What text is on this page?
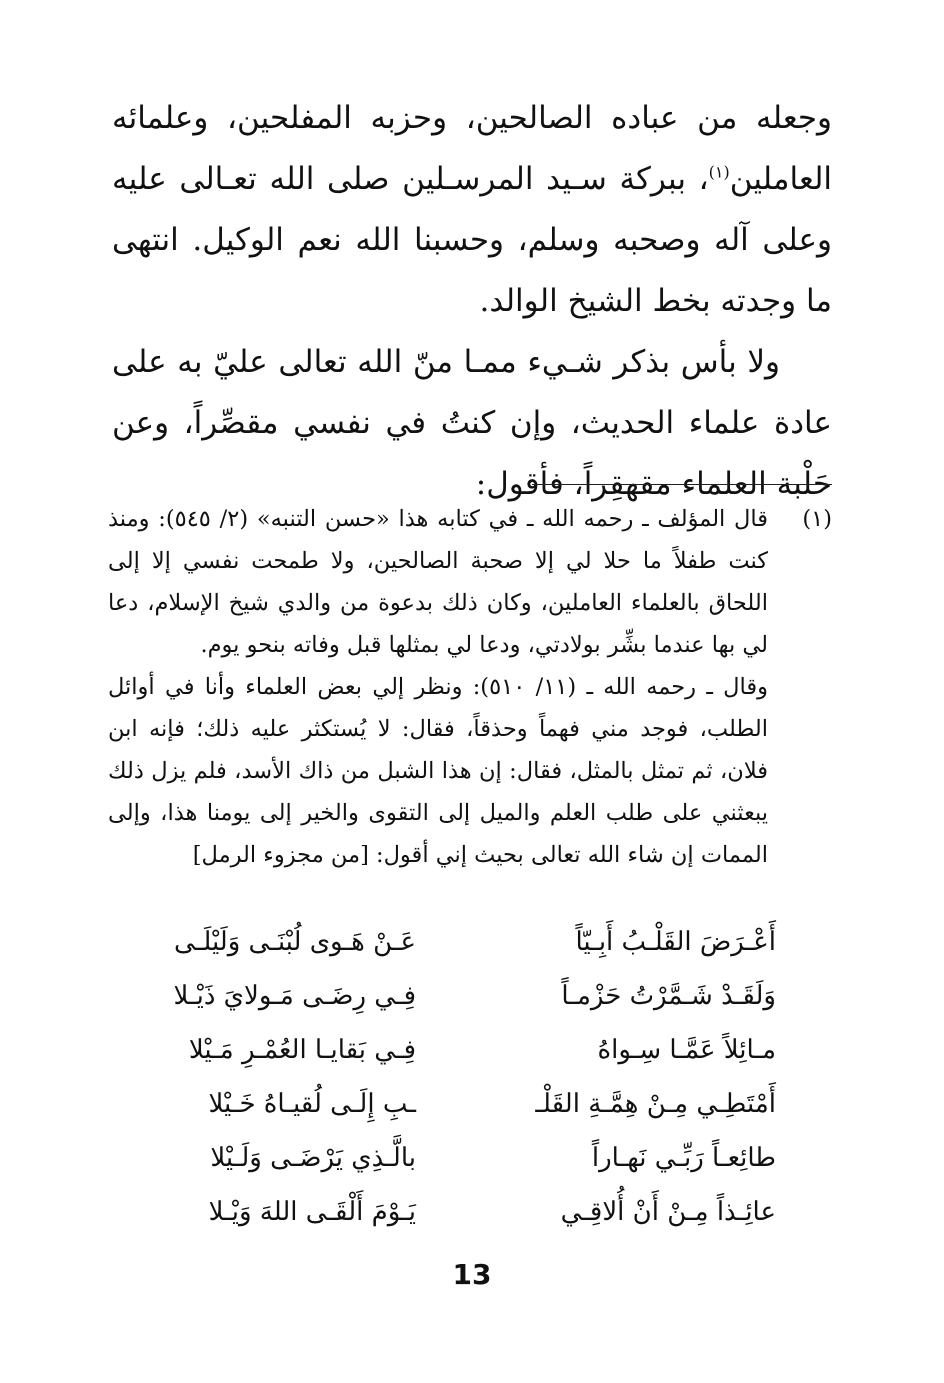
وجعله من عباده الصالحين، وحزبه المفلحين، وعلمائه العاملين$^{(١)}$، ببركة سـيد المرسـلين صلى الله تعـالى عليه وعلى آله وصحبه وسلم، وحسبنا الله نعم الوكيل. انتهى ما وجدته بخط الشيخ الوالد.

ولا بأس بذكر شـيء ممـا منّ الله تعالى عليّ به على عادة علماء الحديث، وإن كنتُ في نفسي مقصِّراً، وعن حَلْبة العلماء مقهقِراً، فأقول:

(١)
قال المؤلف ـ رحمه الله ـ في كتابه هذا «حسن التنبه» (٢/ ٥٤٥): ومنذ كنت طفلاً ما حلا لي إلا صحبة الصالحين، ولا طمحت نفسي إلا إلى اللحاق بالعلماء العاملين، وكان ذلك بدعوة من والدي شيخ الإسلام، دعا لي بها عندما بشِّر بولادتي، ودعا لي بمثلها قبل وفاته بنحو يوم.

وقال ـ رحمه الله ـ (١١/ ٥١٠): ونظر إلي بعض العلماء وأنا في أوائل الطلب، فوجد مني فهماً وحذقاً، فقال: لا يُستكثر عليه ذلك؛ فإنه ابن فلان، ثم تمثل بالمثل، فقال: إن هذا الشبل من ذاك الأسد، فلم يزل ذلك يبعثني على طلب العلم والميل إلى التقوى والخير إلى يومنا هذا، وإلى الممات إن شاء الله تعالى بحيث إني أقول: [من مجزوء الرمل]

أَعْـرَضَ القَلْـبُ أَبِـيّاً
عَـنْ هَـوى لُبْنَـى وَلَيْلَـى
وَلَقَـدْ شَـمَّرْتُ حَزْمـاً
فِـي رِضَـى مَـولايَ ذَيْـلا
مـائِلاً عَمَّـا سِـواهُ
فِـي بَقايـا العُمْـرِ مَـيْلا
أَمْتَطِـي مِـنْ هِمَّـةِ القَلْـ
ـبِ إِلَـى لُقيـاهُ خَـيْلا
طائِعـاً رَبِّـي نَهـاراً
بالَّـذِي يَرْضَـى وَلَـيْلا
عائِـذاً مِـنْ أَنْ أُلاقِـي
يَـوْمَ أَلْقَـى اللهَ وَيْـلا
13
